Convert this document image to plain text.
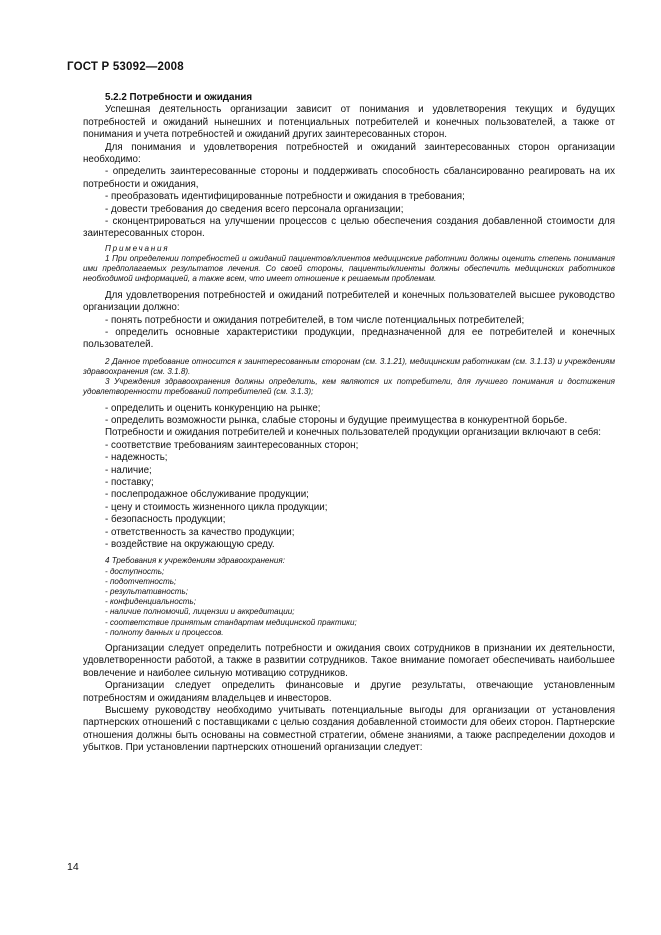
ГОСТ Р 53092—2008

5.2.2 Потребности и ожидания

Успешная деятельность организации зависит от понимания и удовлетворения текущих и будущих потребностей и ожиданий нынешних и потенциальных потребителей и конечных пользователей, а также от понимания и учета потребностей и ожиданий других заинтересованных сторон.

Для понимания и удовлетворения потребностей и ожиданий заинтересованных сторон организации необходимо:

- определить заинтересованные стороны и поддерживать способность сбалансированно реагировать на их потребности и ожидания,

- преобразовать идентифицированные потребности и ожидания в требования;

- довести требования до сведения всего персонала организации;

- сконцентрироваться на улучшении процессов с целью обеспечения создания добавленной стоимости для заинтересованных сторон.

Примечания

1 При определении потребностей и ожиданий пациентов/клиентов медицинские работники должны оценить степень понимания ими предполагаемых результатов лечения. Со своей стороны, пациенты/клиенты должны обеспечить медицинских работников необходимой информацией, а также всем, что имеет отношение к решаемым проблемам.

Для удовлетворения потребностей и ожиданий потребителей и конечных пользователей высшее руководство организации должно:

- понять потребности и ожидания потребителей, в том числе потенциальных потребителей;

- определить основные характеристики продукции, предназначенной для ее потребителей и конечных пользователей.

2 Данное требование относится к заинтересованным сторонам (см. 3.1.21), медицинским работникам (см. 3.1.13) и учреждениям здравоохранения (см. 3.1.8).

3 Учреждения здравоохранения должны определить, кем являются их потребители, для лучшего понимания и достижения удовлетворенности требований потребителей (см. 3.1.3);

- определить и оценить конкуренцию на рынке;

- определить возможности рынка, слабые стороны и будущие преимущества в конкурентной борьбе.

Потребности и ожидания потребителей и конечных пользователей продукции организации включают в себя:

- соответствие требованиям заинтересованных сторон;

- надежность;

- наличие;

- поставку;

- послепродажное обслуживание продукции;

- цену и стоимость жизненного цикла продукции;

- безопасность продукции;

- ответственность за качество продукции;

- воздействие на окружающую среду.

4 Требования к учреждениям здравоохранения:

- доступность;

- подотчетность;

- результативность;

- конфиденциальность;

- наличие полномочий, лицензии и аккредитации;

- соответствие принятым стандартам медицинской практики;

- полноту данных и процессов.

Организации следует определить потребности и ожидания своих сотрудников в признании их деятельности, удовлетворенности работой, а также в развитии сотрудников. Такое внимание помогает обеспечивать наибольшее вовлечение и наиболее сильную мотивацию сотрудников.

Организации следует определить финансовые и другие результаты, отвечающие установленным потребностям и ожиданиям владельцев и инвесторов.

Высшему руководству необходимо учитывать потенциальные выгоды для организации от установления партнерских отношений с поставщиками с целью создания добавленной стоимости для обеих сторон. Партнерские отношения должны быть основаны на совместной стратегии, обмене знаниями, а также распределении доходов и убытков. При установлении партнерских отношений организации следует:

14
